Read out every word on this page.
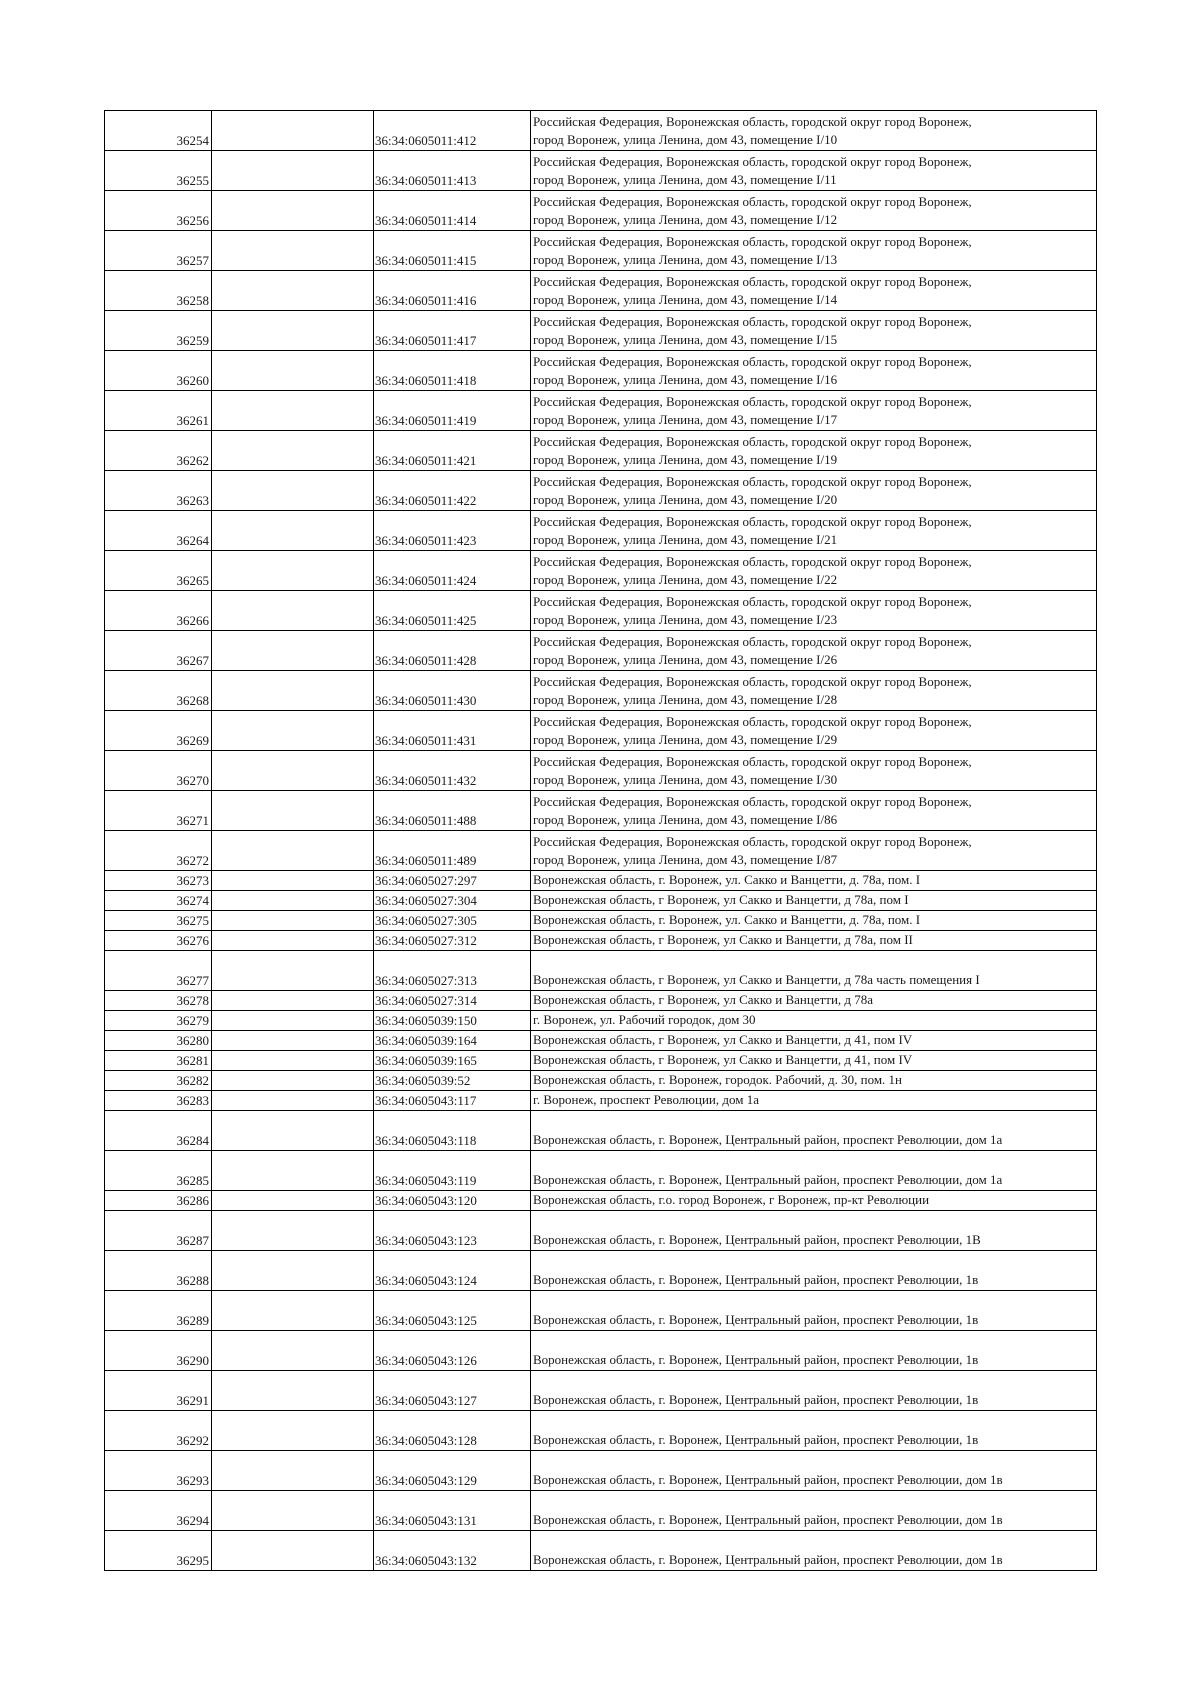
36254		36:34:0605011:412	Российская Федерация, Воронежская область, городской округ город Воронеж,
город Воронеж, улица Ленина, дом 43, помещение I/10

36255		36:34:0605011:413	Российская Федерация, Воронежская область, городской округ город Воронеж,
город Воронеж, улица Ленина, дом 43, помещение I/11

36256		36:34:0605011:414	Российская Федерация, Воронежская область, городской округ город Воронеж,
город Воронеж, улица Ленина, дом 43, помещение I/12

36257		36:34:0605011:415	Российская Федерация, Воронежская область, городской округ город Воронеж,
город Воронеж, улица Ленина, дом 43, помещение I/13

36258		36:34:0605011:416	Российская Федерация, Воронежская область, городской округ город Воронеж,
город Воронеж, улица Ленина, дом 43, помещение I/14

36259		36:34:0605011:417	Российская Федерация, Воронежская область, городской округ город Воронеж,
город Воронеж, улица Ленина, дом 43, помещение I/15

36260		36:34:0605011:418	Российская Федерация, Воронежская область, городской округ город Воронеж,
город Воронеж, улица Ленина, дом 43, помещение I/16

36261		36:34:0605011:419	Российская Федерация, Воронежская область, городской округ город Воронеж,
город Воронеж, улица Ленина, дом 43, помещение I/17

36262		36:34:0605011:421	Российская Федерация, Воронежская область, городской округ город Воронеж,
город Воронеж, улица Ленина, дом 43, помещение I/19

36263		36:34:0605011:422	Российская Федерация, Воронежская область, городской округ город Воронеж,
город Воронеж, улица Ленина, дом 43, помещение I/20

36264		36:34:0605011:423	Российская Федерация, Воронежская область, городской округ город Воронеж,
город Воронеж, улица Ленина, дом 43, помещение I/21

36265		36:34:0605011:424	Российская Федерация, Воронежская область, городской округ город Воронеж,
город Воронеж, улица Ленина, дом 43, помещение I/22

36266		36:34:0605011:425	Российская Федерация, Воронежская область, городской округ город Воронеж,
город Воронеж, улица Ленина, дом 43, помещение I/23

36267		36:34:0605011:428	Российская Федерация, Воронежская область, городской округ город Воронеж,
город Воронеж, улица Ленина, дом 43, помещение I/26

36268		36:34:0605011:430	Российская Федерация, Воронежская область, городской округ город Воронеж,
город Воронеж, улица Ленина, дом 43, помещение I/28

36269		36:34:0605011:431	Российская Федерация, Воронежская область, городской округ город Воронеж,
город Воронеж, улица Ленина, дом 43, помещение I/29

36270		36:34:0605011:432	Российская Федерация, Воронежская область, городской округ город Воронеж,
город Воронеж, улица Ленина, дом 43, помещение I/30

36271		36:34:0605011:488	Российская Федерация, Воронежская область, городской округ город Воронеж,
город Воронеж, улица Ленина, дом 43, помещение I/86

36272		36:34:0605011:489	Российская Федерация, Воронежская область, городской округ город Воронеж,
город Воронеж, улица Ленина, дом 43, помещение I/87

36273		36:34:0605027:297	Воронежская область, г. Воронеж, ул. Сакко и Ванцетти, д. 78а, пом. I

36274		36:34:0605027:304	Воронежская область, г Воронеж, ул Сакко и Ванцетти, д 78а, пом I

36275		36:34:0605027:305	Воронежская область, г. Воронеж, ул. Сакко и Ванцетти, д. 78а, пом. I

36276		36:34:0605027:312	Воронежская область, г Воронеж, ул Сакко и Ванцетти, д 78а, пом II

36277		36:34:0605027:313	Воронежская область, г Воронеж, ул Сакко и Ванцетти, д 78а часть помещения I

36278		36:34:0605027:314	Воронежская область, г Воронеж, ул Сакко и Ванцетти, д 78а

36279		36:34:0605039:150	г. Воронеж, ул. Рабочий городок, дом 30

36280		36:34:0605039:164	Воронежская область, г Воронеж, ул Сакко и Ванцетти, д 41, пом IV

36281		36:34:0605039:165	Воронежская область, г Воронеж, ул Сакко и Ванцетти, д 41, пом IV

36282		36:34:0605039:52	Воронежская область, г. Воронеж, городок. Рабочий, д. 30, пом. 1н

36283		36:34:0605043:117	г. Воронеж, проспект Революции, дом 1а

36284		36:34:0605043:118	Воронежская область, г. Воронеж, Центральный район, проспект Революции, дом 1а

36285		36:34:0605043:119	Воронежская область, г. Воронеж, Центральный район, проспект Революции, дом 1а

36286		36:34:0605043:120	Воронежская область, г.о. город Воронеж, г Воронеж, пр-кт Революции

36287		36:34:0605043:123	Воронежская область, г. Воронеж, Центральный район, проспект Революции, 1В

36288		36:34:0605043:124	Воронежская область, г. Воронеж, Центральный район, проспект Революции, 1в

36289		36:34:0605043:125	Воронежская область, г. Воронеж, Центральный район, проспект Революции, 1в

36290		36:34:0605043:126	Воронежская область, г. Воронеж, Центральный район, проспект Революции, 1в

36291		36:34:0605043:127	Воронежская область, г. Воронеж, Центральный район, проспект Революции, 1в

36292		36:34:0605043:128	Воронежская область, г. Воронеж, Центральный район, проспект Революции, 1в

36293		36:34:0605043:129	Воронежская область, г. Воронеж, Центральный район, проспект Революции, дом 1в

36294		36:34:0605043:131	Воронежская область, г. Воронеж, Центральный район, проспект Революции, дом 1в

36295		36:34:0605043:132	Воронежская область, г. Воронеж, Центральный район, проспект Революции, дом 1в
